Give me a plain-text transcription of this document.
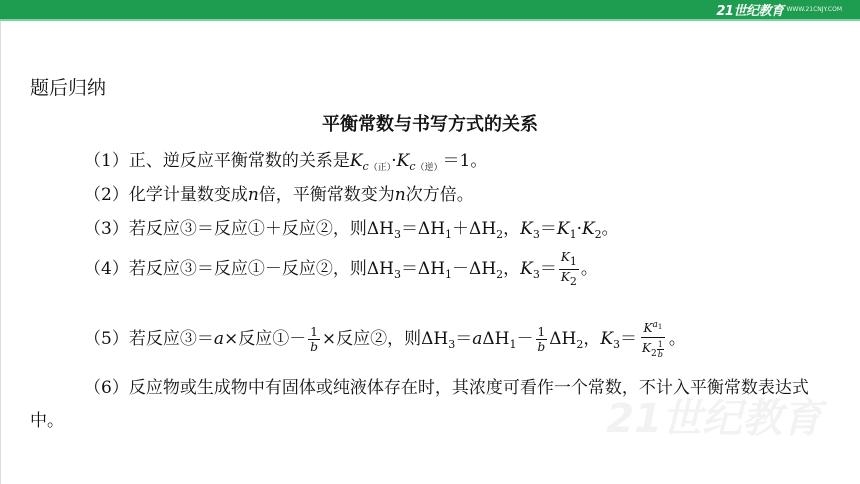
21世纪教育 WWW.21CNJY.COM
题后归纳
平衡常数与书写方式的关系
（1）正、逆反应平衡常数的关系是$K_{c(正)}\cdot K_{c(逆)}=1$。
（2）化学计量数变成n倍，平衡常数变为n次方倍。
（3）若反应③＝反应①＋反应②，则$\Delta H_3=\Delta H_1+\Delta H_2$，$K_3=K_1\cdot K_2$。
（4）若反应③＝反应①－反应②，则$\Delta H_3=\Delta H_1-\Delta H_2$，$K_3= \frac{K1}{K2}$ 。
（5）若反应③＝a×反应①－ $\frac{1}{b}$ ×反应②，则$\Delta H_3=a\Delta H_1- \frac{1}{b} \Delta H_2$，$K_3= \frac{K^{a_1}}{K_2 \frac{1}{b}}$ 。
（6）反应物或生成物中有固体或纯液体存在时，其浓度可看作一个常数，不计入平衡常数表达式中。	21世纪教育
